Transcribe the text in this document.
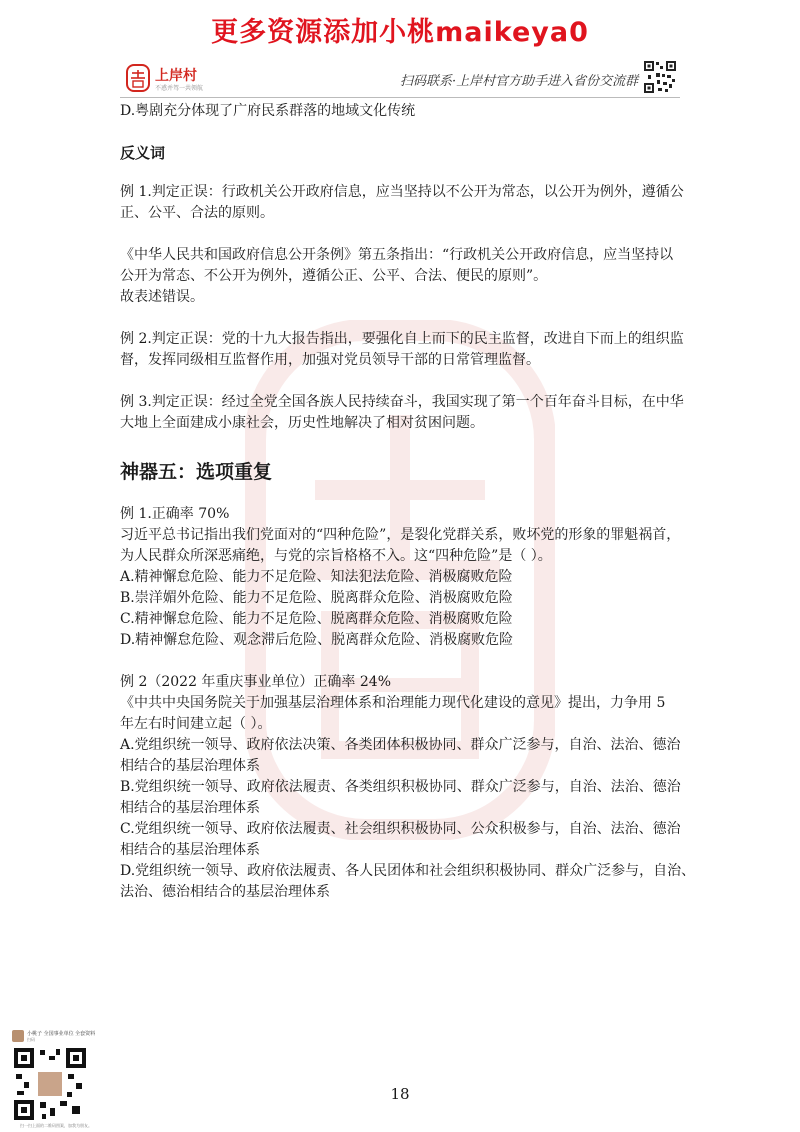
更多资源添加小桃maikeya0
上岸村
不惑并驾一共领航	扫码联系·上岸村官方助手进入省份交流群

D.粤剧充分体现了广府民系群落的地域文化传统

反义词

例 1.判定正误：行政机关公开政府信息，应当坚持以不公开为常态，以公开为例外，遵循公

正、公平、合法的原则。

《中华人民共和国政府信息公开条例》第五条指出：“行政机关公开政府信息，应当坚持以

公开为常态、不公开为例外，遵循公正、公平、合法、便民的原则”。

故表述错误。

例 2.判定正误：党的十九大报告指出，要强化自上而下的民主监督，改进自下而上的组织监

督，发挥同级相互监督作用，加强对党员领导干部的日常管理监督。

例 3.判定正误：经过全党全国各族人民持续奋斗，我国实现了第一个百年奋斗目标，在中华

大地上全面建成小康社会，历史性地解决了相对贫困问题。

神器五：选项重复

例 1.正确率 70%

习近平总书记指出我们党面对的“四种危险”，是裂化党群关系，败坏党的形象的罪魁祸首，

为人民群众所深恶痛绝，与党的宗旨格格不入。这“四种危险”是（ ）。

A.精神懈怠危险、能力不足危险、知法犯法危险、消极腐败危险

B.崇洋媚外危险、能力不足危险、脱离群众危险、消极腐败危险

C.精神懈怠危险、能力不足危险、脱离群众危险、消极腐败危险

D.精神懈怠危险、观念滞后危险、脱离群众危险、消极腐败危险

例 2（2022 年重庆事业单位）正确率 24%

《中共中央国务院关于加强基层治理体系和治理能力现代化建设的意见》提出，力争用 5

年左右时间建立起（ ）。

A.党组织统一领导、政府依法决策、各类团体积极协同、群众广泛参与，自治、法治、德治

相结合的基层治理体系

B.党组织统一领导、政府依法履责、各类组织积极协同、群众广泛参与，自治、法治、德治

相结合的基层治理体系

C.党组织统一领导、政府依法履责、社会组织积极协同、公众积极参与，自治、法治、德治

相结合的基层治理体系

D.党组织统一领导、政府依法履责、各人民团体和社会组织积极协同、群众广泛参与，自治、

法治、德治相结合的基层治理体系

小桃子 全国事业单位 全套资料
扫码
扫一扫上面的二维码图案，加我为朋友。
18
